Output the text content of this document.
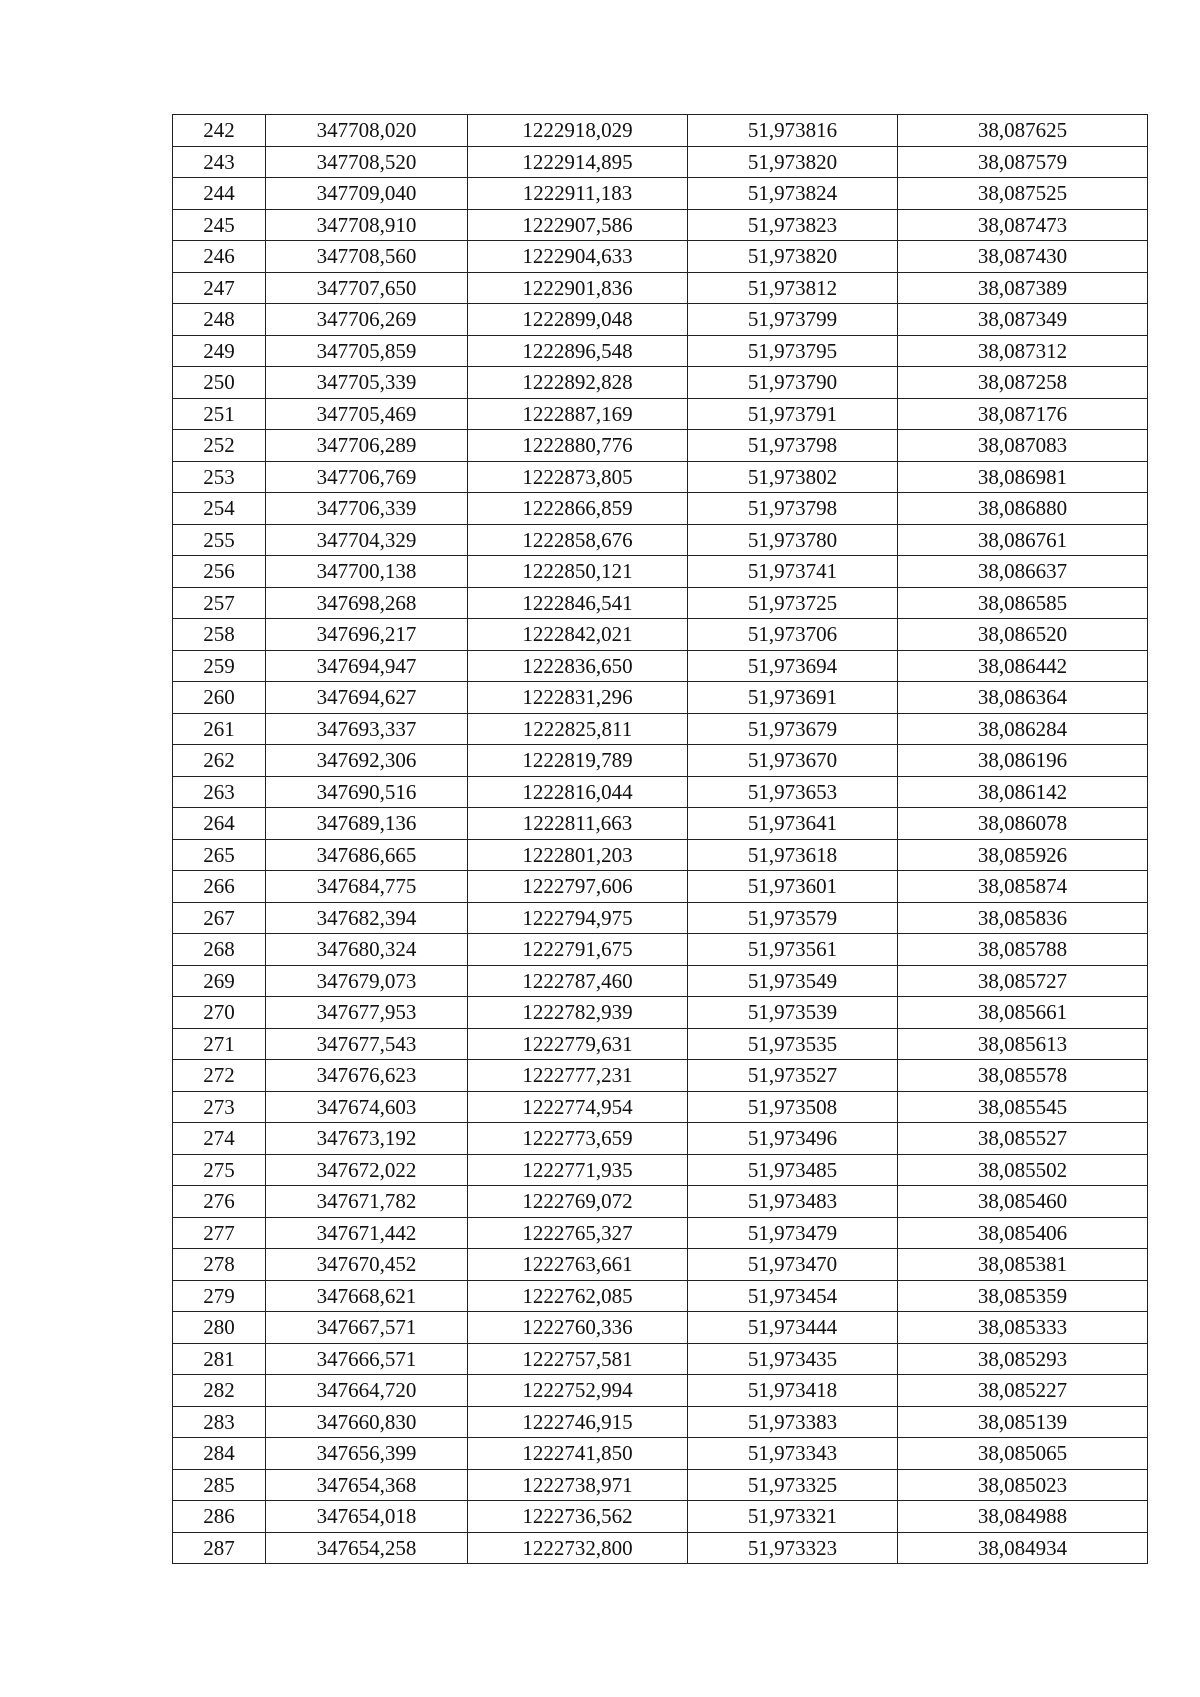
242	347708,020	1222918,029	51,973816	38,087625
243	347708,520	1222914,895	51,973820	38,087579
244	347709,040	1222911,183	51,973824	38,087525
245	347708,910	1222907,586	51,973823	38,087473
246	347708,560	1222904,633	51,973820	38,087430
247	347707,650	1222901,836	51,973812	38,087389
248	347706,269	1222899,048	51,973799	38,087349
249	347705,859	1222896,548	51,973795	38,087312
250	347705,339	1222892,828	51,973790	38,087258
251	347705,469	1222887,169	51,973791	38,087176
252	347706,289	1222880,776	51,973798	38,087083
253	347706,769	1222873,805	51,973802	38,086981
254	347706,339	1222866,859	51,973798	38,086880
255	347704,329	1222858,676	51,973780	38,086761
256	347700,138	1222850,121	51,973741	38,086637
257	347698,268	1222846,541	51,973725	38,086585
258	347696,217	1222842,021	51,973706	38,086520
259	347694,947	1222836,650	51,973694	38,086442
260	347694,627	1222831,296	51,973691	38,086364
261	347693,337	1222825,811	51,973679	38,086284
262	347692,306	1222819,789	51,973670	38,086196
263	347690,516	1222816,044	51,973653	38,086142
264	347689,136	1222811,663	51,973641	38,086078
265	347686,665	1222801,203	51,973618	38,085926
266	347684,775	1222797,606	51,973601	38,085874
267	347682,394	1222794,975	51,973579	38,085836
268	347680,324	1222791,675	51,973561	38,085788
269	347679,073	1222787,460	51,973549	38,085727
270	347677,953	1222782,939	51,973539	38,085661
271	347677,543	1222779,631	51,973535	38,085613
272	347676,623	1222777,231	51,973527	38,085578
273	347674,603	1222774,954	51,973508	38,085545
274	347673,192	1222773,659	51,973496	38,085527
275	347672,022	1222771,935	51,973485	38,085502
276	347671,782	1222769,072	51,973483	38,085460
277	347671,442	1222765,327	51,973479	38,085406
278	347670,452	1222763,661	51,973470	38,085381
279	347668,621	1222762,085	51,973454	38,085359
280	347667,571	1222760,336	51,973444	38,085333
281	347666,571	1222757,581	51,973435	38,085293
282	347664,720	1222752,994	51,973418	38,085227
283	347660,830	1222746,915	51,973383	38,085139
284	347656,399	1222741,850	51,973343	38,085065
285	347654,368	1222738,971	51,973325	38,085023
286	347654,018	1222736,562	51,973321	38,084988
287	347654,258	1222732,800	51,973323	38,084934
